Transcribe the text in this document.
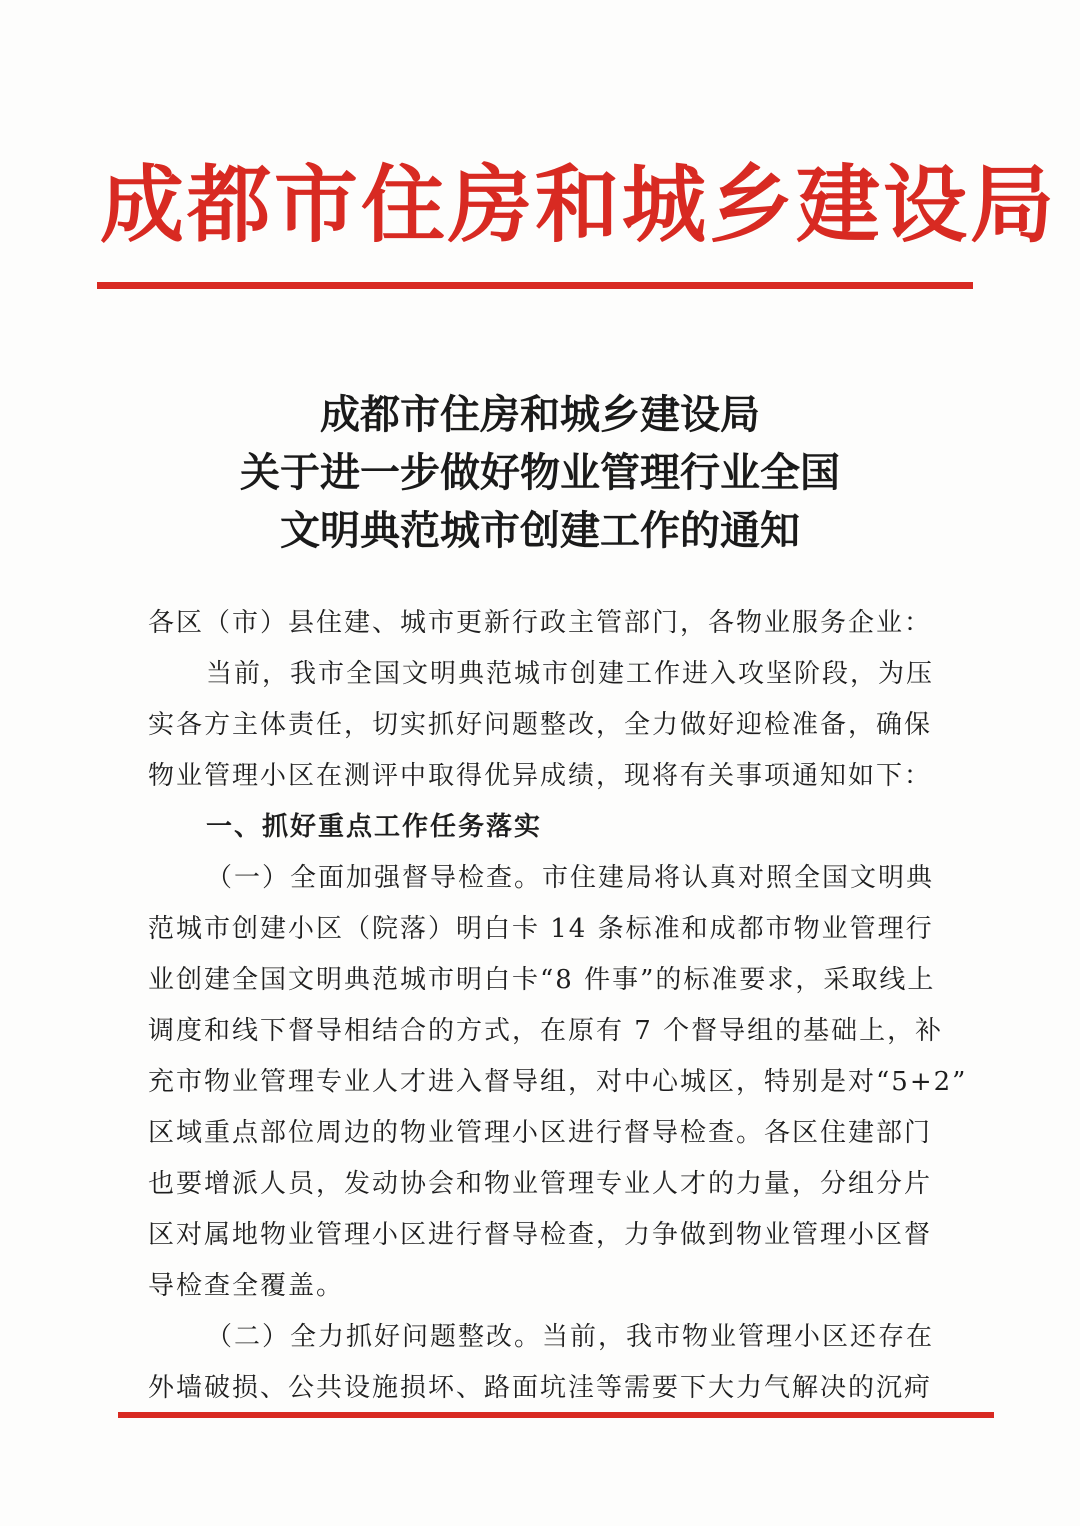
成都市住房和城乡建设局
成都市住房和城乡建设局
关于进一步做好物业管理行业全国
文明典范城市创建工作的通知
各区（市）县住建、城市更新行政主管部门，各物业服务企业：
当前，我市全国文明典范城市创建工作进入攻坚阶段，为压
实各方主体责任，切实抓好问题整改，全力做好迎检准备，确保
物业管理小区在测评中取得优异成绩，现将有关事项通知如下：
一、抓好重点工作任务落实
（一）全面加强督导检查。市住建局将认真对照全国文明典
范城市创建小区（院落）明白卡 14 条标准和成都市物业管理行
业创建全国文明典范城市明白卡“8 件事”的标准要求，采取线上
调度和线下督导相结合的方式，在原有 7 个督导组的基础上，补
充市物业管理专业人才进入督导组，对中心城区，特别是对“5+2”
区域重点部位周边的物业管理小区进行督导检查。各区住建部门
也要增派人员，发动协会和物业管理专业人才的力量，分组分片
区对属地物业管理小区进行督导检查，力争做到物业管理小区督
导检查全覆盖。
（二）全力抓好问题整改。当前，我市物业管理小区还存在
外墙破损、公共设施损坏、路面坑洼等需要下大力气解决的沉疴
